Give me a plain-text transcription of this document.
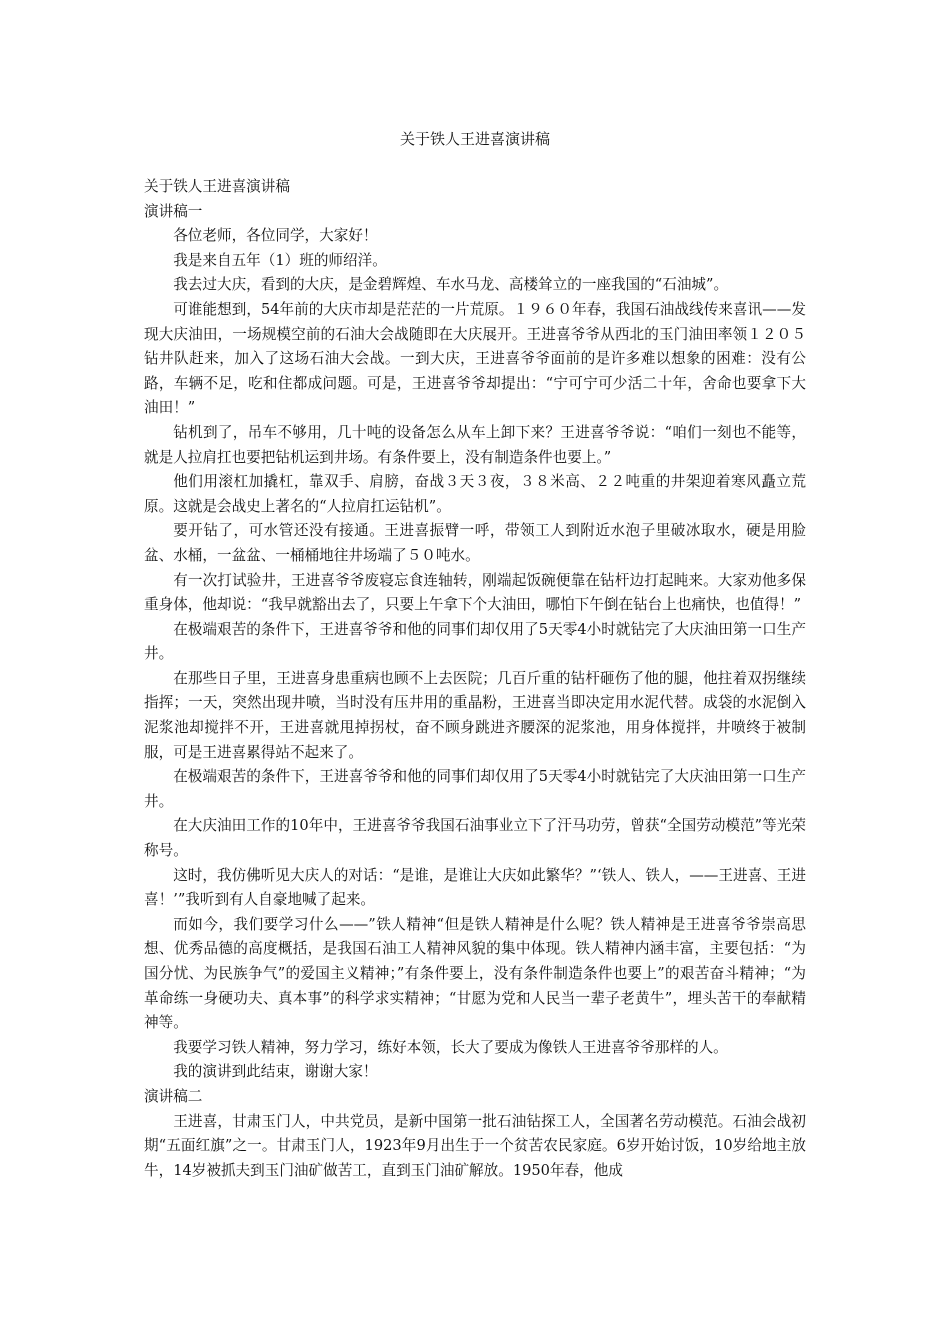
关于铁人王进喜演讲稿

关于铁人王进喜演讲稿

演讲稿一

各位老师，各位同学，大家好！

我是来自五年（1）班的师绍洋。

我去过大庆，看到的大庆，是金碧辉煌、车水马龙、高楼耸立的一座我国的“石油城”。

可谁能想到，54年前的大庆市却是茫茫的一片荒原。１９６０年春，我国石油战线传来喜讯——发现大庆油田，一场规模空前的石油大会战随即在大庆展开。王进喜爷爷从西北的玉门油田率领１２０５钻井队赶来，加入了这场石油大会战。一到大庆，王进喜爷爷面前的是许多难以想象的困难：没有公路，车辆不足，吃和住都成问题。可是，王进喜爷爷却提出：“宁可宁可少活二十年，舍命也要拿下大油田！”

钻机到了，吊车不够用，几十吨的设备怎么从车上卸下来？王进喜爷爷说：“咱们一刻也不能等，就是人拉肩扛也要把钻机运到井场。有条件要上，没有制造条件也要上。”

他们用滚杠加撬杠，靠双手、肩膀，奋战３天３夜，３８米高、２２吨重的井架迎着寒风矗立荒原。这就是会战史上著名的“人拉肩扛运钻机”。

要开钻了，可水管还没有接通。王进喜振臂一呼，带领工人到附近水泡子里破冰取水，硬是用脸盆、水桶，一盆盆、一桶桶地往井场端了５０吨水。

有一次打试验井，王进喜爷爷废寝忘食连轴转，刚端起饭碗便靠在钻杆边打起盹来。大家劝他多保重身体，他却说：“我早就豁出去了，只要上午拿下个大油田，哪怕下午倒在钻台上也痛快，也值得！”

在极端艰苦的条件下，王进喜爷爷和他的同事们却仅用了5天零4小时就钻完了大庆油田第一口生产井。

在那些日子里，王进喜身患重病也顾不上去医院；几百斤重的钻杆砸伤了他的腿，他拄着双拐继续指挥；一天，突然出现井喷，当时没有压井用的重晶粉，王进喜当即决定用水泥代替。成袋的水泥倒入泥浆池却搅拌不开，王进喜就甩掉拐杖，奋不顾身跳进齐腰深的泥浆池，用身体搅拌，井喷终于被制服，可是王进喜累得站不起来了。

在极端艰苦的条件下，王进喜爷爷和他的同事们却仅用了5天零4小时就钻完了大庆油田第一口生产井。

在大庆油田工作的10年中，王进喜爷爷我国石油事业立下了汗马功劳，曾获“全国劳动模范”等光荣称号。

这时，我仿佛听见大庆人的对话：“是谁，是谁让大庆如此繁华？”‘铁人、铁人，——王进喜、王进喜！’”我听到有人自豪地喊了起来。

而如今，我们要学习什么——”铁人精神“但是铁人精神是什么呢？铁人精神是王进喜爷爷崇高思想、优秀品德的高度概括，是我国石油工人精神风貌的集中体现。铁人精神内涵丰富，主要包括：“为国分忧、为民族争气”的爱国主义精神；”有条件要上，没有条件制造条件也要上”的艰苦奋斗精神；“为革命练一身硬功夫、真本事”的科学求实精神；“甘愿为党和人民当一辈子老黄牛”，埋头苦干的奉献精神等。

我要学习铁人精神，努力学习，练好本领，长大了要成为像铁人王进喜爷爷那样的人。

我的演讲到此结束，谢谢大家！

演讲稿二

王进喜，甘肃玉门人，中共党员，是新中国第一批石油钻探工人，全国著名劳动模范。石油会战初期“五面红旗”之一。甘肃玉门人，1923年9月出生于一个贫苦农民家庭。6岁开始讨饭，10岁给地主放牛，14岁被抓夫到玉门油矿做苦工，直到玉门油矿解放。1950年春，他成
